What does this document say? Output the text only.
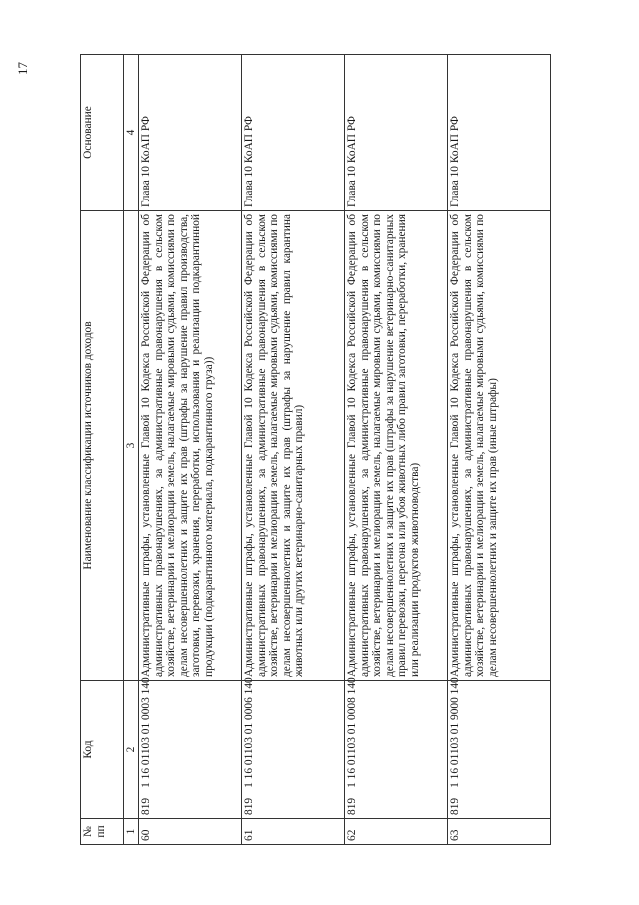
17
№
пп	Код	Наименование классификации источников доходов	Основание
1	2	3	4
60	8191 16 01103 01 0003 140	Административные штрафы, установленные Главой 10 Кодекса Российской Федерации об административных правонарушениях, за административные правонарушения в сельском хозяйстве, ветеринарии и мелиорации земель, налагаемые мировыми судьями, комиссиями по делам несовершеннолетних и защите их прав (штрафы за нарушение правил производства, заготовки, перевозки, хранения, переработки, использования и реализации подкарантинной продукции (подкарантинного материала, подкарантинного груза))	Глава 10 КоАП РФ
61	8191 16 01103 01 0006 140	Административные штрафы, установленные Главой 10 Кодекса Российской Федерации об административных правонарушениях, за административные правонарушения в сельском хозяйстве, ветеринарии и мелиорации земель, налагаемые мировыми судьями, комиссиями по делам несовершеннолетних и защите их прав (штрафы за нарушение правил карантина животных или других ветеринарно-санитарных правил)	Глава 10 КоАП РФ
62	8191 16 01103 01 0008 140	Административные штрафы, установленные Главой 10 Кодекса Российской Федерации об административных правонарушениях, за административные правонарушения в сельском хозяйстве, ветеринарии и мелиорации земель, налагаемые мировыми судьями, комиссиями по делам несовершеннолетних и защите их прав (штрафы за нарушение ветеринарно-санитарных правил перевозки, перегона или убоя животных либо правил заготовки, переработки, хранения или реализации продуктов животноводства)	Глава 10 КоАП РФ
63	8191 16 01103 01 9000 140	Административные штрафы, установленные Главой 10 Кодекса Российской Федерации об административных правонарушениях, за административные правонарушения в сельском хозяйстве, ветеринарии и мелиорации земель, налагаемые мировыми судьями, комиссиями по делам несовершеннолетних и защите их прав (иные штрафы)	Глава 10 КоАП РФ
